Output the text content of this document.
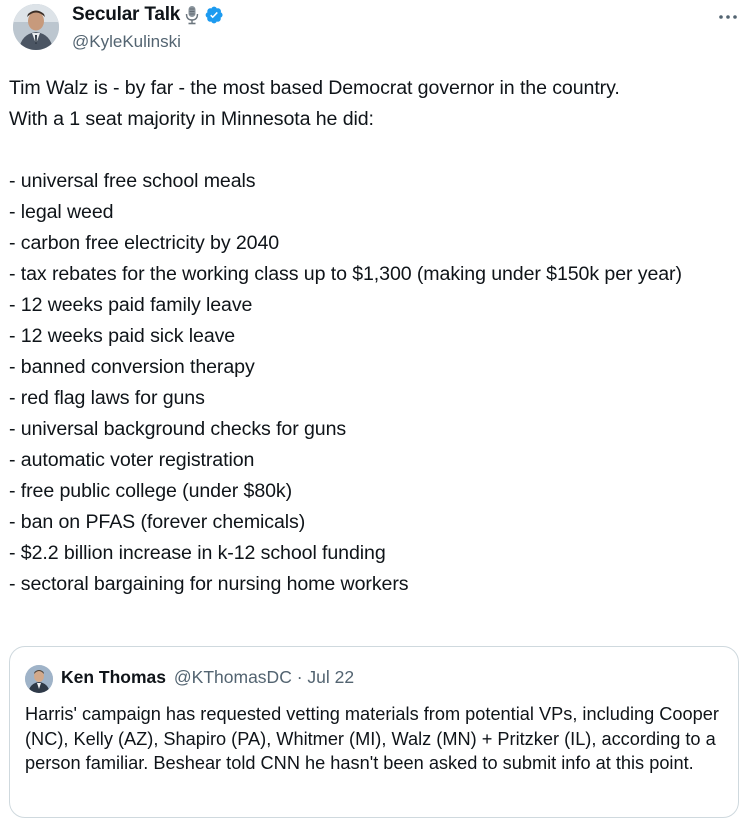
Secular Talk
@KyleKulinski

Tim Walz is - by far - the most based Democrat governor in the country.

With a 1 seat majority in Minnesota he did:

- universal free school meals
- legal weed
- carbon free electricity by 2040
- tax rebates for the working class up to $1,300 (making under $150k per year)
- 12 weeks paid family leave
- 12 weeks paid sick leave
- banned conversion therapy
- red flag laws for guns
- universal background checks for guns
- automatic voter registration
- free public college (under $80k)
- ban on PFAS (forever chemicals)
- $2.2 billion increase in k-12 school funding
- sectoral bargaining for nursing home workers
Ken Thomas @KThomasDC · Jul 22
Harris' campaign has requested vetting materials from potential VPs, including Cooper (NC), Kelly (AZ), Shapiro (PA), Whitmer (MI), Walz (MN) + Pritzker (IL), according to a person familiar. Beshear told CNN he hasn't been asked to submit info at this point.
